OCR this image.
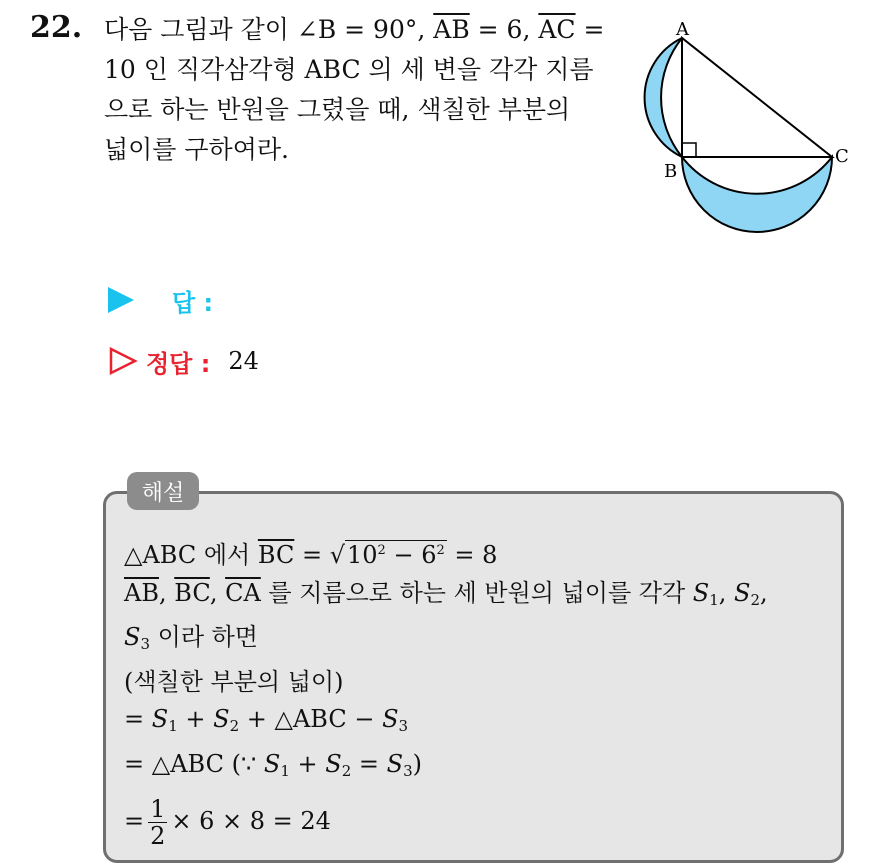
22. 다음 그림과 같이 ∠B = 90°, $\overline{AB} = 6$, $\overline{AC}$ =
10 인 직각삼각형 ABC 의 세 변을 각각 지름
으로 하는 반원을 그렸을 때, 색칠한 부분의
넓이를 구하여라.
A
B
C
답 :
정답 : 24
해설
△ABC 에서 $\overline{BC} = √10^2 - 6^2 = 8$
$\overline{AB}$, $\overline{BC}$, $\overline{CA}$ 를 지름으로 하는 세 반원의 넓이를 각각 $S_1$, $S_2$,
$S_3$ 이라 하면
(색칠한 부분의 넓이)
= $S_1 + S_2$ + △ABC − $S_3$
= △ABC (∵ $S_1 + S_2 = S_3$)
= $\frac{1}{2} \times 6 \times 8 = 24$
